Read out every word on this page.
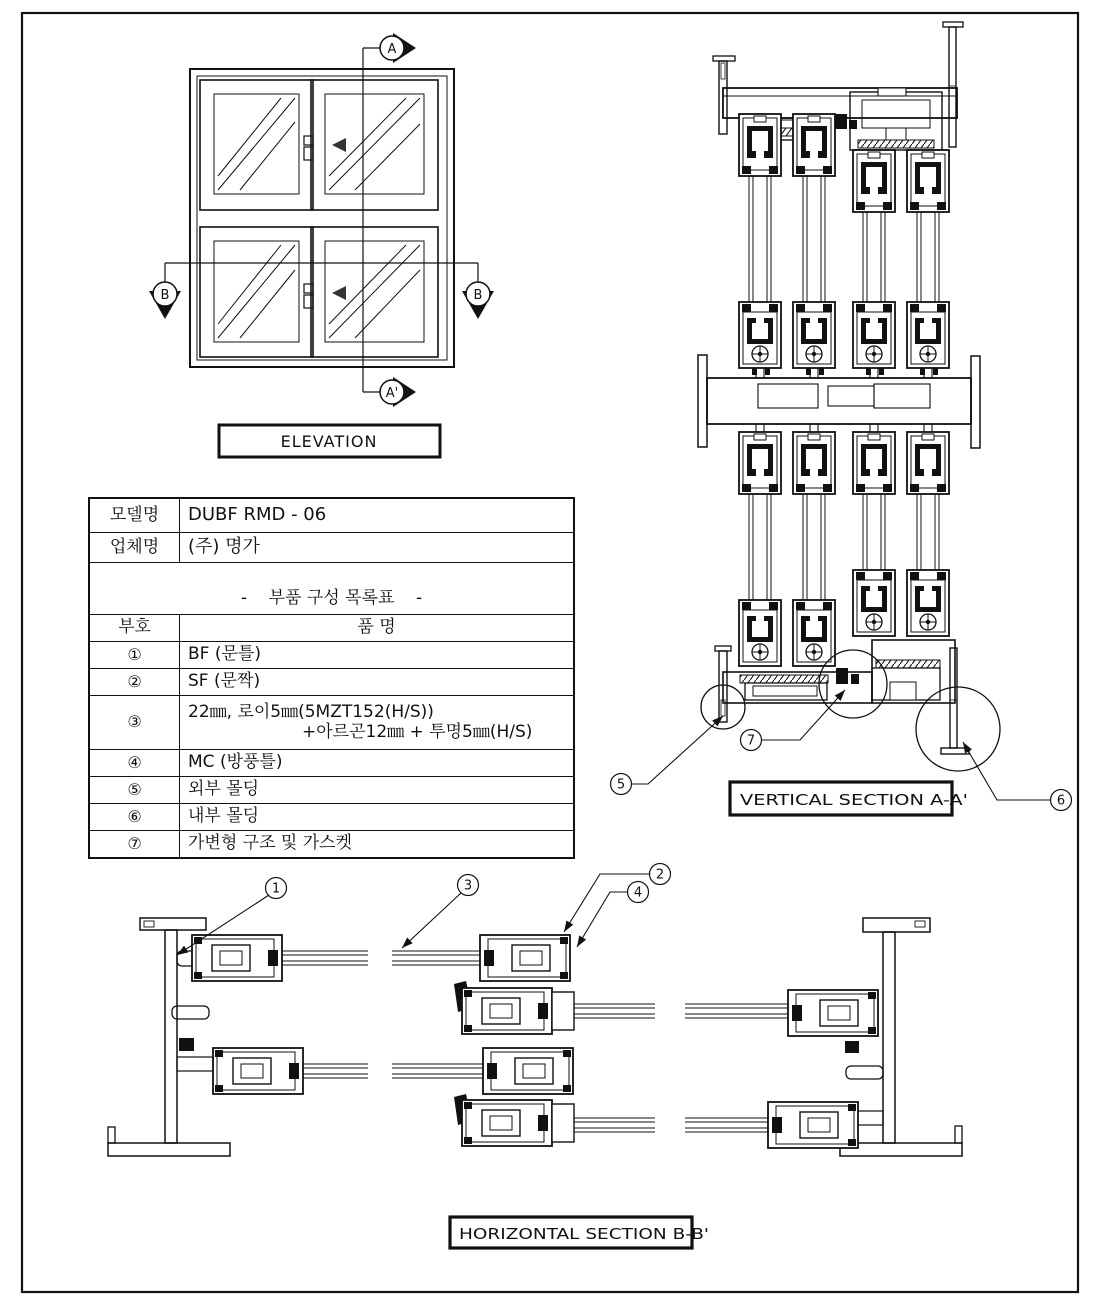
A
A'
B	B
ELEVATION
5
7
6
VERTICAL SECTION A-A'
1	3
2
4
HORIZONTAL SECTION B-B'
모델명	DUBF RMD - 06
업체명	(주) 명가
-    부품 구성 목록표    -
부호	품 명
①	BF (문틀)
②	SF (문짝)
③	22㎜, 로이5㎜(5MZT152(H/S))
+아르곤12㎜ + 투명5㎜(H/S)
④	MC (방풍틀)
⑤	외부 몰딩
⑥	내부 몰딩
⑦	가변형 구조 및 가스켓
